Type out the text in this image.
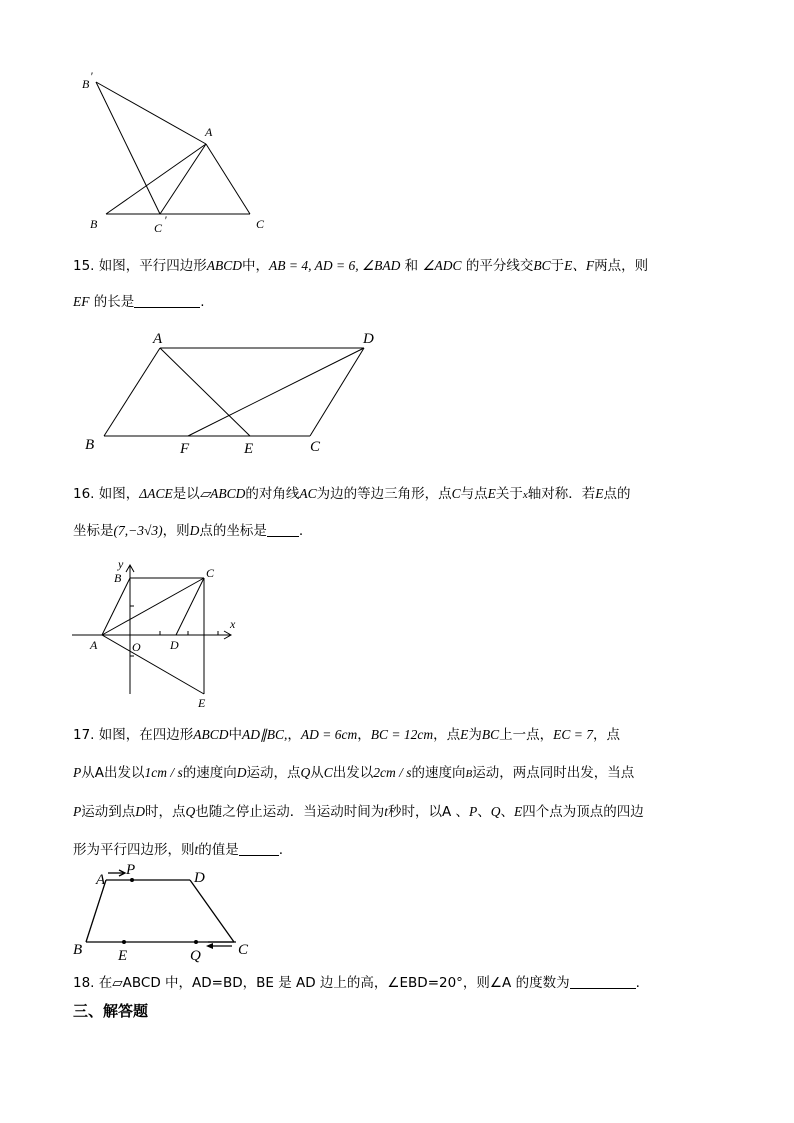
B
'
A
B	C
'	C
15. 如图，平行四边形ABCD中，AB = 4, AD = 6, ∠BAD 和 ∠ADC 的平分线交BC于E、F两点，则
EF 的长是	.
A	D
B	F	E	C
16. 如图，ΔACE是以▱ABCD的对角线AC为边的等边三角形，点C与点E关于x轴对称．若E点的
坐标是(7,−3√3)，则D点的坐标是 .
y
x
B	C
A	O D
E
17. 如图，在四边形ABCD中AD∥BC,，AD = 6cm，BC = 12cm，点E为BC上一点，EC = 7，点
P从A出发以1cm / s的速度向D运动，点Q从C出发以2cm / s的速度向B运动，两点同时出发，当点
P运动到点D时，点Q也随之停止运动．当运动时间为t秒时，以A 、P、Q、E四个点为顶点的四边
形为平行四边形，则t的值是	.
A
P	D
B E	Q C
18. 在▱ABCD 中，AD=BD，BE 是 AD 边上的高，∠EBD=20°，则∠A 的度数为	.
三、解答题
